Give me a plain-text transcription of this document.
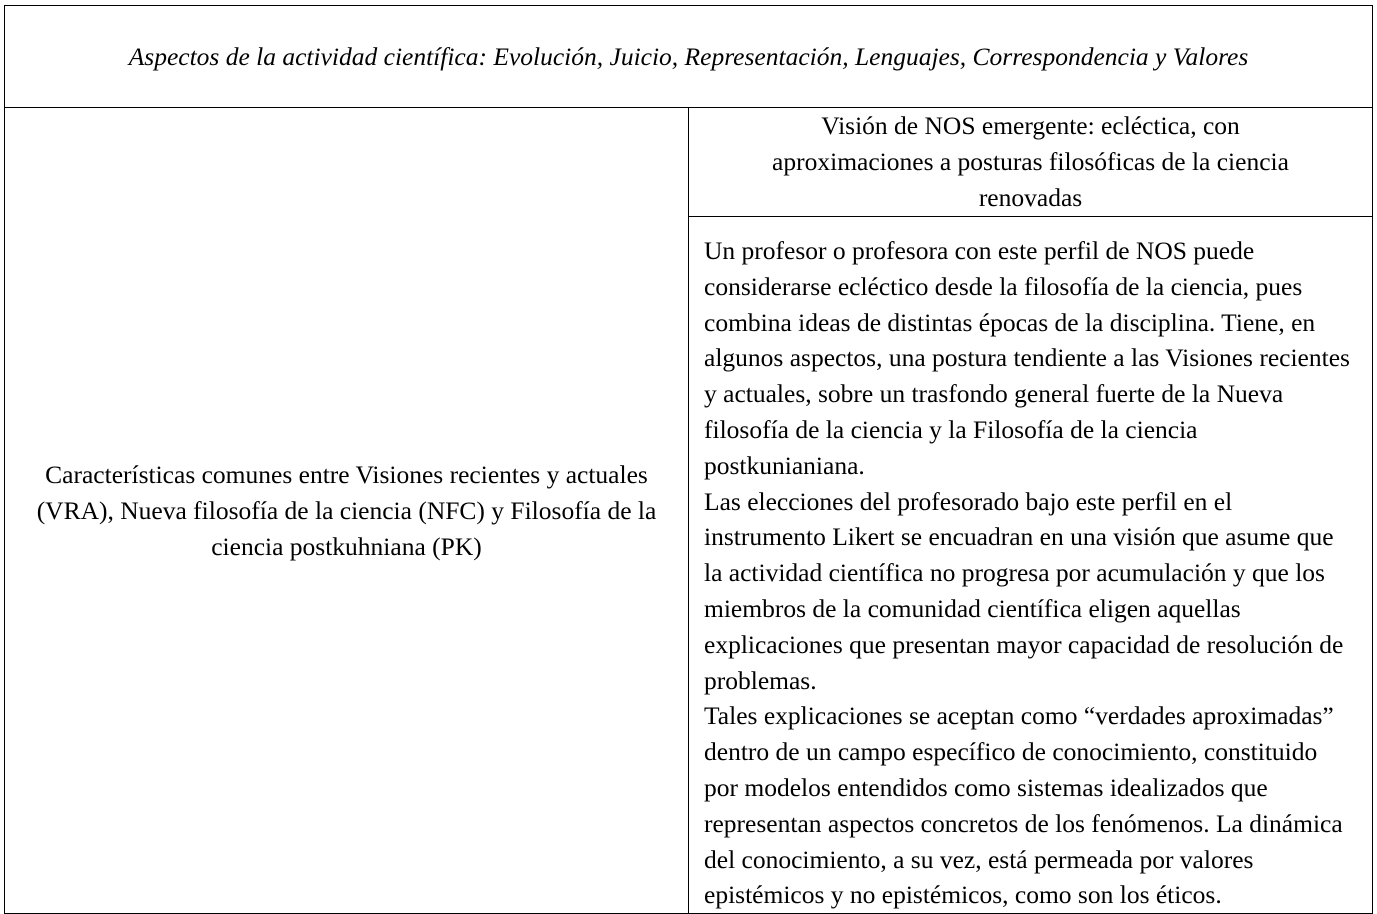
Aspectos de la actividad científica: Evolución, Juicio, Representación, Lenguajes, Correspondencia y Valores
Características comunes entre Visiones recientes y actuales (VRA), Nueva filosofía de la ciencia (NFC) y Filosofía de la ciencia postkuhniana (PK)	Visión de NOS emergente: ecléctica, con aproximaciones a posturas filosóficas de la ciencia renovadas

Un profesor o profesora con este perfil de NOS puede considerarse ecléctico desde la filosofía de la ciencia, pues combina ideas de distintas épocas de la disciplina. Tiene, en algunos aspectos, una postura tendiente a las Visiones recientes y actuales, sobre un trasfondo general fuerte de la Nueva filosofía de la ciencia y la Filosofía de la ciencia postkunianiana.

Las elecciones del profesorado bajo este perfil en el instrumento Likert se encuadran en una visión que asume que la actividad científica no progresa por acumulación y que los miembros de la comunidad científica eligen aquellas explicaciones que presentan mayor capacidad de resolución de problemas.

Tales explicaciones se aceptan como “verdades aproximadas” dentro de un campo específico de conocimiento, constituido por modelos entendidos como sistemas idealizados que representan aspectos concretos de los fenómenos. La dinámica del conocimiento, a su vez, está permeada por valores epistémicos y no epistémicos, como son los éticos.
